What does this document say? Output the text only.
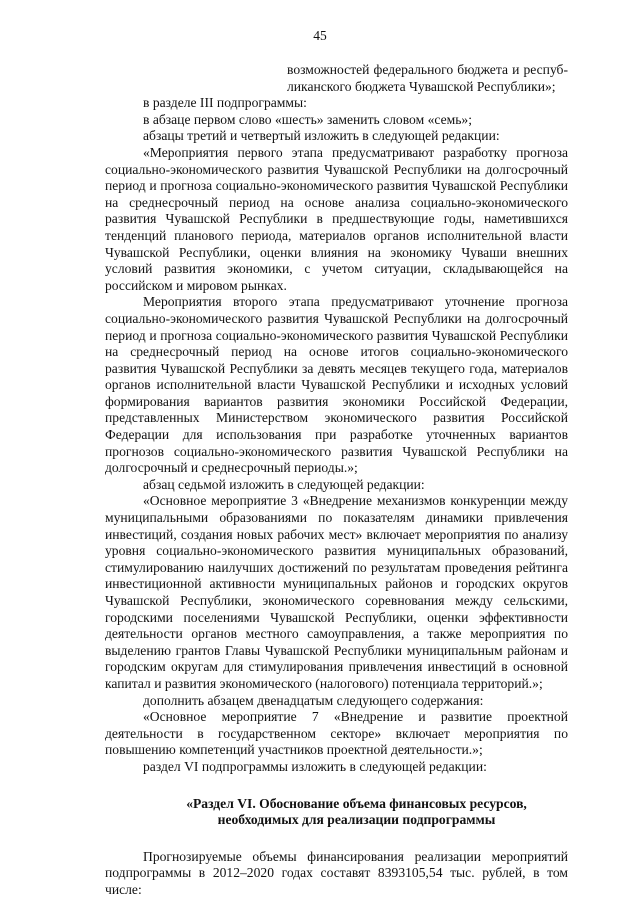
45

возможностей федерального бюджета и респуб-ликанского бюджета Чувашской Республики»;

в разделе III подпрограммы:

в абзаце первом слово «шесть» заменить словом «семь»;

абзацы третий и четвертый изложить в следующей редакции:

«Мероприятия первого этапа предусматривают разработку прогноза социально-экономического развития Чувашской Республики на долгосрочный период и прогноза социально-экономического развития Чувашской Республики на среднесрочный период на основе анализа социально-экономического развития Чувашской Республики в предшествующие годы, наметившихся тенденций планового периода, материалов органов исполнительной власти Чувашской Республики, оценки влияния на экономику Чуваши внешних условий развития экономики, с учетом ситуации, складывающейся на российском и мировом рынках.

Мероприятия второго этапа предусматривают уточнение прогноза социально-экономического развития Чувашской Республики на долгосрочный период и прогноза социально-экономического развития Чувашской Республики на среднесрочный период на основе итогов социально-экономического развития Чувашской Республики за девять месяцев текущего года, материалов органов исполнительной власти Чувашской Республики и исходных условий формирования вариантов развития экономики Российской Федерации, представленных Министерством экономического развития Российской Федерации для использования при разработке уточненных вариантов прогнозов социально-экономического развития Чувашской Республики на долгосрочный и среднесрочный периоды.»;

абзац седьмой изложить в следующей редакции:

«Основное мероприятие 3 «Внедрение механизмов конкуренции между муниципальными образованиями по показателям динамики привлечения инвестиций, создания новых рабочих мест» включает мероприятия по анализу уровня социально-экономического развития муниципальных образований, стимулированию наилучших достижений по результатам проведения рейтинга инвестиционной активности муниципальных районов и городских округов Чувашской Республики, экономического соревнования между сельскими, городскими поселениями Чувашской Республики, оценки эффективности деятельности органов местного самоуправления, а также мероприятия по выделению грантов Главы Чувашской Республики муниципальным районам и городским округам для стимулирования привлечения инвестиций в основной капитал и развития экономического (налогового) потенциала территорий.»;

дополнить абзацем двенадцатым следующего содержания:

«Основное мероприятие 7 «Внедрение и развитие проектной деятельности в государственном секторе» включает мероприятия по повышению компетенций участников проектной деятельности.»;

раздел VI подпрограммы изложить в следующей редакции:

«Раздел VI. Обоснование объема финансовых ресурсов,
необходимых для реализации подпрограммы

Прогнозируемые объемы финансирования реализации мероприятий подпрограммы в 2012–2020 годах составят 8393105,54 тыс. рублей, в том числе:
